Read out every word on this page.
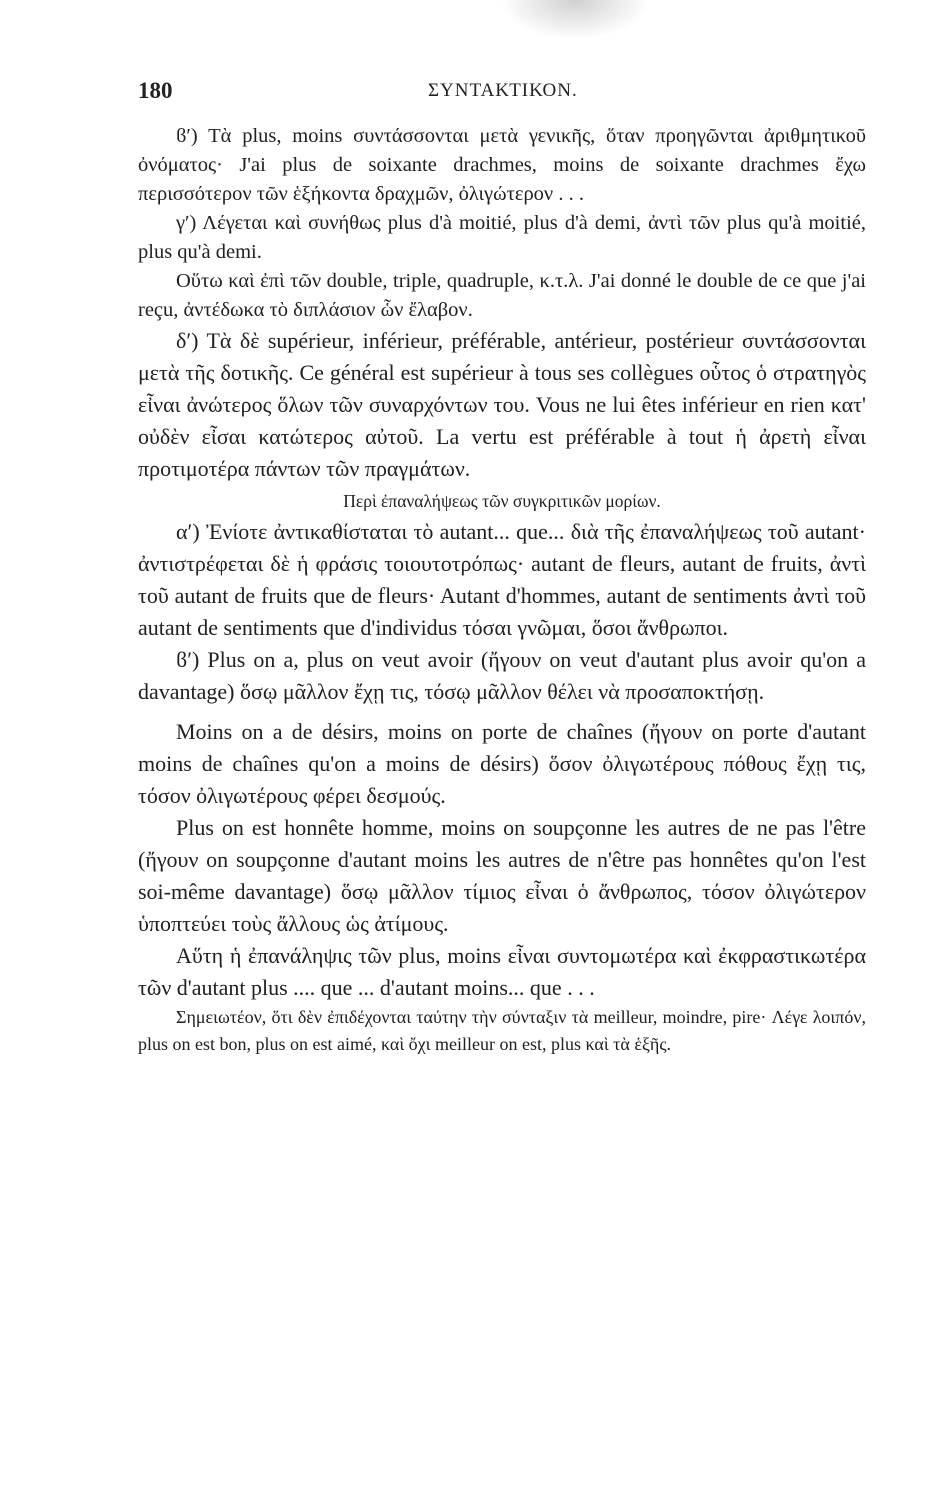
180	ΣΥΝΤΑΚΤΙΚΟΝ.

ϐ′) Τὰ plus, moins συντάσσονται μετὰ γενικῆς, ὅταν προηγῶνται ἀριθμητικοῦ ὀνόματος· J'ai plus de soixante drachmes, moins de soixante drachmes ἔχω περισσότερον τῶν ἑξήκοντα δραχμῶν, ὀλιγώτερον . . .

γ′) Λέγεται καὶ συνήθως plus d'à moitié, plus d'à demi, ἀντὶ τῶν plus qu'à moitié, plus qu'à demi.

Οὕτω καὶ ἐπὶ τῶν double, triple, quadruple, κ.τ.λ. J'ai donné le double de ce que j'ai reçu, ἀντέδωκα τὸ διπλάσιον ὧν ἔλαβον.

δ′) Τὰ δὲ supérieur, inférieur, préférable, antérieur, postérieur συντάσσονται μετὰ τῆς δοτικῆς. Ce général est supérieur à tous ses collègues οὗτος ὁ στρατηγὸς εἶναι ἀνώτερος ὅλων τῶν συναρχόντων του. Vous ne lui êtes inférieur en rien κατ' οὐδὲν εἶσαι κατώτερος αὐτοῦ. La vertu est préférable à tout ἡ ἀρετὴ εἶναι προτιμοτέρα πάντων τῶν πραγμάτων.

Περὶ ἐπαναλήψεως τῶν συγκριτικῶν μορίων.

α′) Ἐνίοτε ἀντικαθίσταται τὸ autant... que... διὰ τῆς ἐπαναλήψεως τοῦ autant· ἀντιστρέφεται δὲ ἡ φράσις τοιουτοτρόπως· autant de fleurs, autant de fruits, ἀντὶ τοῦ autant de fruits que de fleurs· Autant d'hommes, autant de sentiments ἀντὶ τοῦ autant de sentiments que d'individus τόσαι γνῶμαι, ὅσοι ἄνθρωποι.

ϐ′) Plus on a, plus on veut avoir (ἤγουν on veut d'autant plus avoir qu'on a davantage) ὅσῳ μᾶλλον ἔχῃ τις, τόσῳ μᾶλλον θέλει νὰ προσαποκτήσῃ.

Moins on a de désirs, moins on porte de chaînes (ἤγουν on porte d'autant moins de chaînes qu'on a moins de désirs) ὅσον ὀλιγωτέρους πόθους ἔχῃ τις, τόσον ὀλιγωτέρους φέρει δεσμούς.

Plus on est honnête homme, moins on soupçonne les autres de ne pas l'être (ἤγουν on soupçonne d'autant moins les autres de n'être pas honnêtes qu'on l'est soi-même davantage) ὅσῳ μᾶλλον τίμιος εἶναι ὁ ἄνθρωπος, τόσον ὀλιγώτερον ὑποπτεύει τοὺς ἄλλους ὡς ἀτίμους.

Αὕτη ἡ ἐπανάληψις τῶν plus, moins εἶναι συντομωτέρα καὶ ἐκφραστικωτέρα τῶν d'autant plus .... que ... d'autant moins... que . . .

Σημειωτέον, ὅτι δὲν ἐπιδέχονται ταύτην τὴν σύνταξιν τὰ meilleur, moindre, pire· Λέγε λοιπόν, plus on est bon, plus on est aimé, καὶ ὄχι meilleur on est, plus καὶ τὰ ἑξῆς.
